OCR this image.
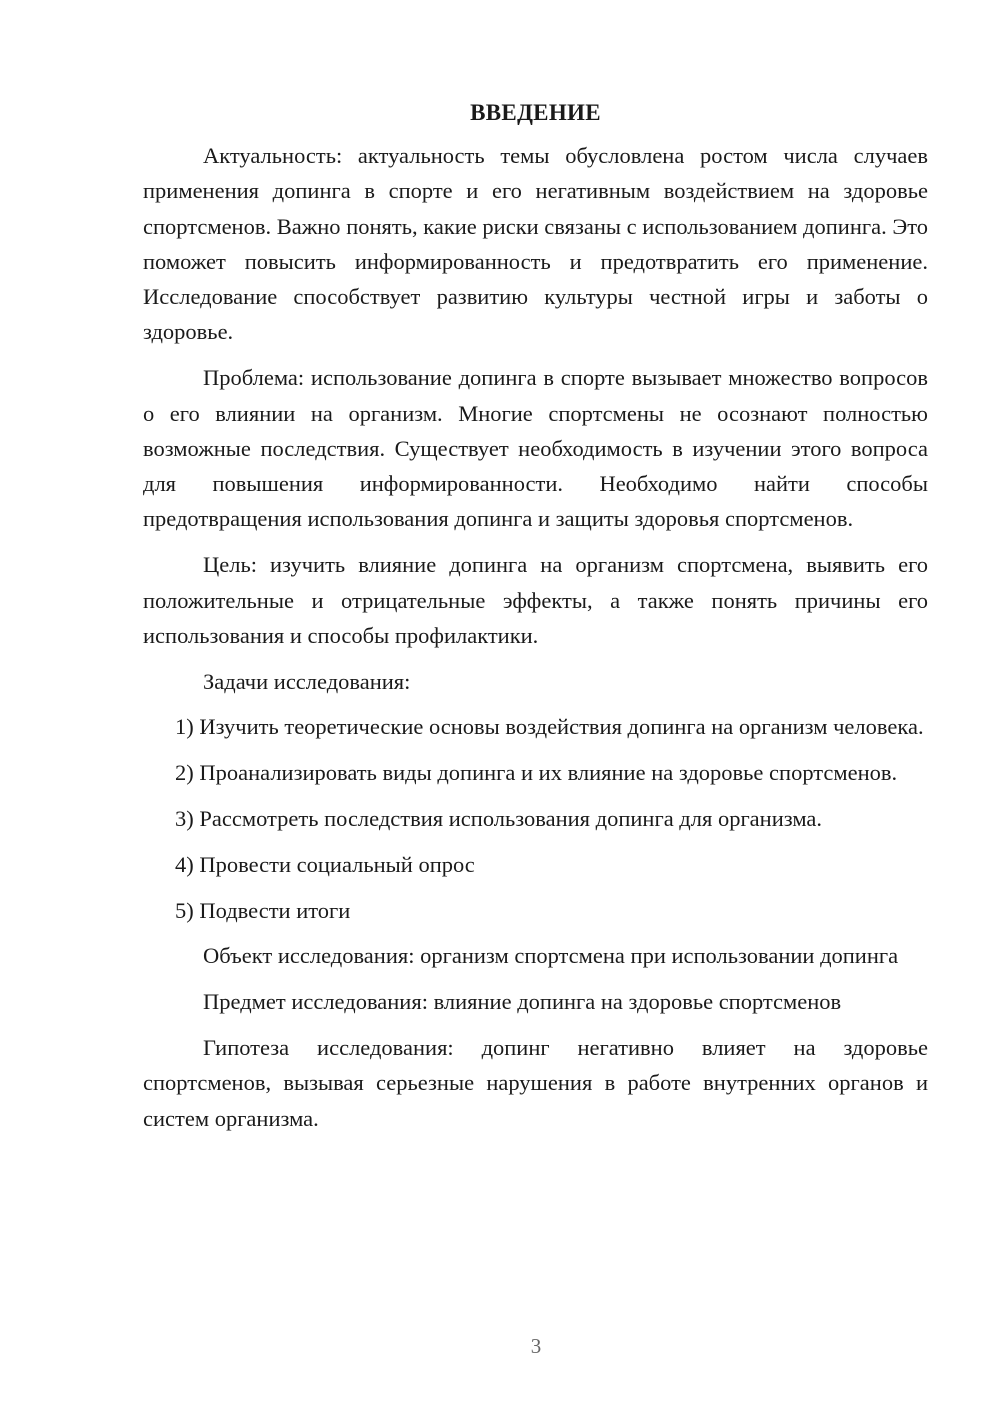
ВВЕДЕНИЕ

Актуальность: актуальность темы обусловлена ростом числа случаев применения допинга в спорте и его негативным воздействием на здоровье спортсменов. Важно понять, какие риски связаны с использованием допинга. Это поможет повысить информированность и предотвратить его применение. Исследование способствует развитию культуры честной игры и заботы о здоровье.

Проблема: использование допинга в спорте вызывает множество вопросов о его влиянии на организм. Многие спортсмены не осознают полностью возможные последствия. Существует необходимость в изучении этого вопроса для повышения информированности. Необходимо найти способы предотвращения использования допинга и защиты здоровья спортсменов.

Цель: изучить влияние допинга на организм спортсмена, выявить его положительные и отрицательные эффекты, а также понять причины его использования и способы профилактики.

Задачи исследования:

1) Изучить теоретические основы воздействия допинга на организм человека.

2) Проанализировать виды допинга и их влияние на здоровье спортсменов.

3) Рассмотреть последствия использования допинга для организма.

4) Провести социальный опрос

5) Подвести итоги

Объект исследования: организм спортсмена при использовании допинга

Предмет исследования: влияние допинга на здоровье спортсменов

Гипотеза исследования: допинг негативно влияет на здоровье спортсменов, вызывая серьезные нарушения в работе внутренних органов и систем организма.

3
